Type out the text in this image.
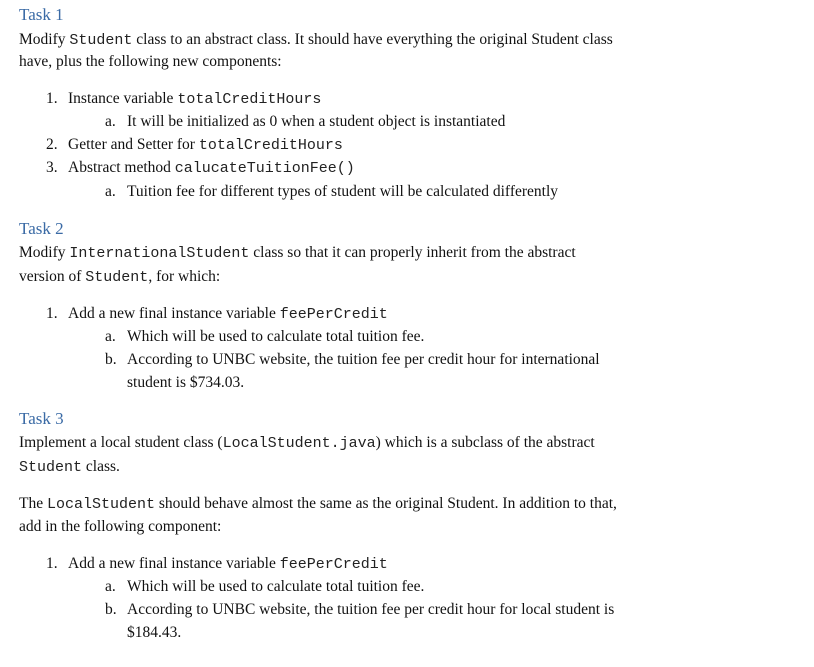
Task 1
Modify Student class to an abstract class. It should have everything the original Student class
have, plus the following new components:
1. Instance variable totalCreditHours
a. It will be initialized as 0 when a student object is instantiated
2. Getter and Setter for totalCreditHours
3. Abstract method calucateTuitionFee()
a. Tuition fee for different types of student will be calculated differently
Task 2
Modify InternationalStudent class so that it can properly inherit from the abstract
version of Student, for which:
1. Add a new final instance variable feePerCredit
a. Which will be used to calculate total tuition fee.
b. According to UNBC website, the tuition fee per credit hour for international
student is $734.03.
Task 3
Implement a local student class (LocalStudent.java) which is a subclass of the abstract
Student class.
The LocalStudent should behave almost the same as the original Student. In addition to that,
add in the following component:
1. Add a new final instance variable feePerCredit
a. Which will be used to calculate total tuition fee.
b. According to UNBC website, the tuition fee per credit hour for local student is
$184.43.
